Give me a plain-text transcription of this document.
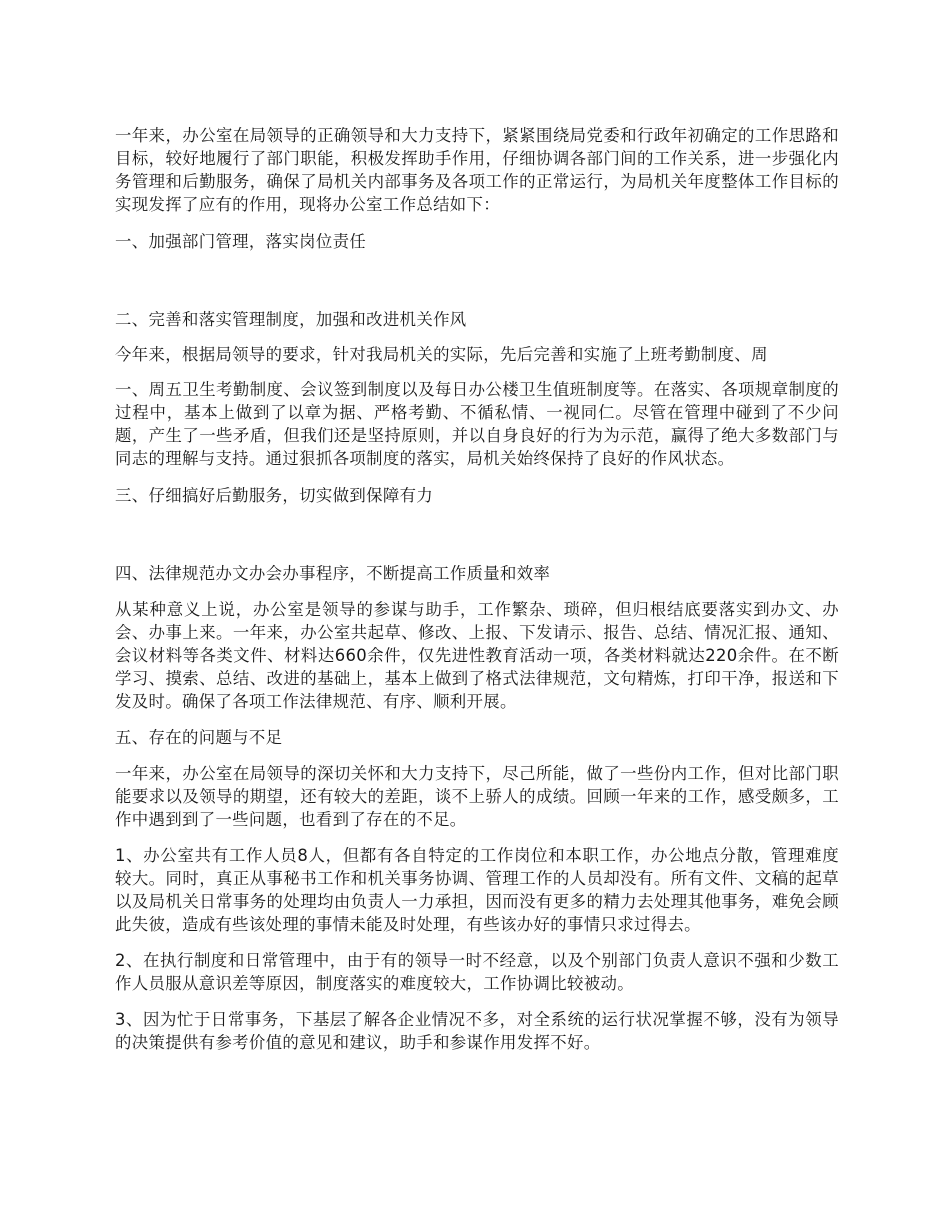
一年来，办公室在局领导的正确领导和大力支持下，紧紧围绕局党委和行政年初确定的工作思路和目标，较好地履行了部门职能，积极发挥助手作用，仔细协调各部门间的工作关系，进一步强化内务管理和后勤服务，确保了局机关内部事务及各项工作的正常运行，为局机关年度整体工作目标的实现发挥了应有的作用，现将办公室工作总结如下：

一、加强部门管理，落实岗位责任

二、完善和落实管理制度，加强和改进机关作风

今年来，根据局领导的要求，针对我局机关的实际，先后完善和实施了上班考勤制度、周

一、周五卫生考勤制度、会议签到制度以及每日办公楼卫生值班制度等。在落实、各项规章制度的过程中，基本上做到了以章为据、严格考勤、不循私情、一视同仁。尽管在管理中碰到了不少问题，产生了一些矛盾，但我们还是坚持原则，并以自身良好的行为为示范，赢得了绝大多数部门与同志的理解与支持。通过狠抓各项制度的落实，局机关始终保持了良好的作风状态。

三、仔细搞好后勤服务，切实做到保障有力

四、法律规范办文办会办事程序，不断提高工作质量和效率

从某种意义上说，办公室是领导的参谋与助手，工作繁杂、琐碎，但归根结底要落实到办文、办会、办事上来。一年来，办公室共起草、修改、上报、下发请示、报告、总结、情况汇报、通知、会议材料等各类文件、材料达660余件，仅先进性教育活动一项，各类材料就达220余件。在不断学习、摸索、总结、改进的基础上，基本上做到了格式法律规范，文句精炼，打印干净，报送和下发及时。确保了各项工作法律规范、有序、顺利开展。

五、存在的问题与不足

一年来，办公室在局领导的深切关怀和大力支持下，尽己所能，做了一些份内工作，但对比部门职能要求以及领导的期望，还有较大的差距，谈不上骄人的成绩。回顾一年来的工作，感受颇多，工作中遇到到了一些问题，也看到了存在的不足。

1、办公室共有工作人员8人，但都有各自特定的工作岗位和本职工作，办公地点分散，管理难度较大。同时，真正从事秘书工作和机关事务协调、管理工作的人员却没有。所有文件、文稿的起草以及局机关日常事务的处理均由负责人一力承担，因而没有更多的精力去处理其他事务，难免会顾此失彼，造成有些该处理的事情未能及时处理，有些该办好的事情只求过得去。

2、在执行制度和日常管理中，由于有的领导一时不经意，以及个别部门负责人意识不强和少数工作人员服从意识差等原因，制度落实的难度较大，工作协调比较被动。

3、因为忙于日常事务，下基层了解各企业情况不多，对全系统的运行状况掌握不够，没有为领导的决策提供有参考价值的意见和建议，助手和参谋作用发挥不好。
